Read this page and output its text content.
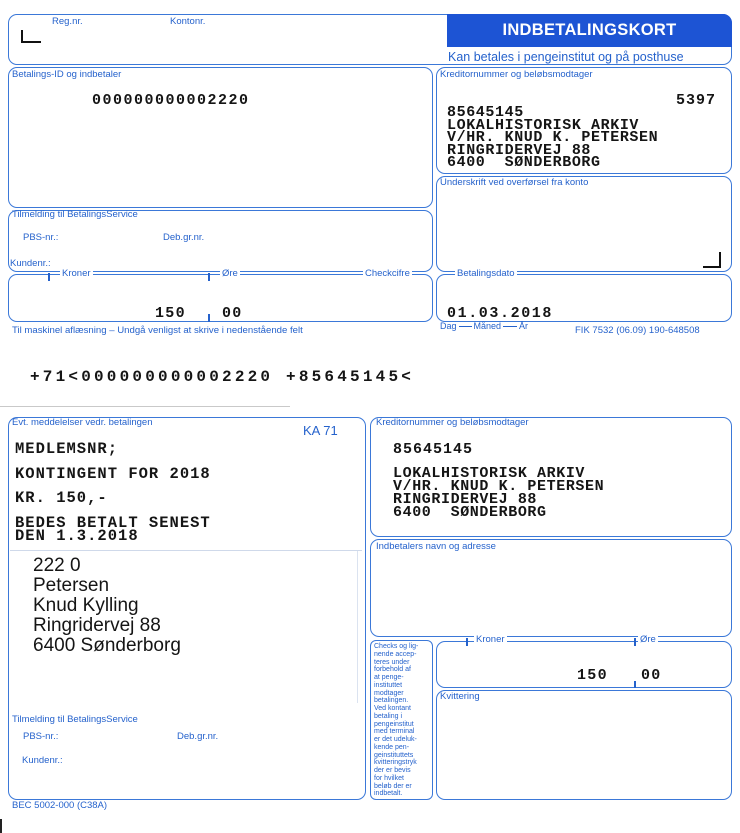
Reg.nr.	Kontonr.	INDBETALINGSKORT
Kan betales i pengeinstitut og på posthuse
Betalings-ID og indbetaler
000000000002220
Kreditornummer og beløbsmodtager
5397
85645145
LOKALHISTORISK ARKIV
V/HR. KNUD K. PETERSEN
RINGRIDERVEJ 88
6400  SØNDERBORG
Underskrift ved overførsel fra konto
Tilmelding til BetalingsService
PBS-nr.:	Deb.gr.nr.
Kundenr.:
Kroner	Øre	Checkcifre	Betalingsdato
150 00	01.03.2018
Til maskinel aflæsning – Undgå venligst at skrive i nedenstående felt	Dag Måned År	FIK 7532 (06.09) 190-648508
+71<000000000002220 +85645145<
Evt. meddelelser vedr. betalingen
KA 71
MEDLEMSNR;
KONTINGENT FOR 2018
KR. 150,-
BEDES BETALT SENEST
DEN 1.3.2018
222 0
Petersen
Knud Kylling
Ringridervej 88
6400 Sønderborg
Tilmelding til BetalingsService
PBS-nr.:	Deb.gr.nr.
Kundenr.:
BEC 5002-000 (C38A)
Kreditornummer og beløbsmodtager
85645145
LOKALHISTORISK ARKIV
V/HR. KNUD K. PETERSEN
RINGRIDERVEJ 88
6400  SØNDERBORG
Indbetalers navn og adresse
Checks og lig-
nende accep-
teres under
forbehold af
at penge-
instituttet
modtager
betalingen.
Ved kontant
betaling i
pengeinstitut
med terminal
er det udeluk-
kende pen-
geinstituttets
kvitteringstryk
der er bevis
for hvilket
beløb der er
indbetalt.
Kroner	Øre
150 00
Kvittering
